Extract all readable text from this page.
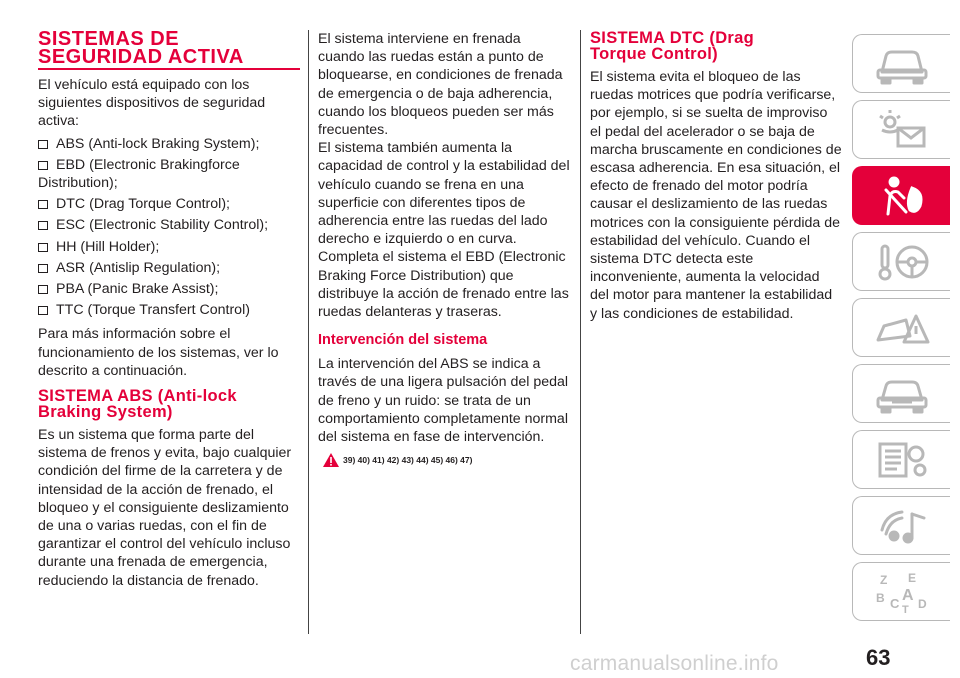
SISTEMAS DE
SEGURIDAD ACTIVA

El vehículo está equipado con los siguientes dispositivos de seguridad activa:

ABS (Anti-lock Braking System);
EBD (Electronic Brakingforce Distribution);
DTC (Drag Torque Control);
ESC (Electronic Stability Control);
HH (Hill Holder);
ASR (Antislip Regulation);
PBA (Panic Brake Assist);
TTC (Torque Transfert Control)

Para más información sobre el funcionamiento de los sistemas, ver lo descrito a continuación.

SISTEMA ABS (Anti-lock
Braking System)

Es un sistema que forma parte del sistema de frenos y evita, bajo cualquier condición del firme de la carretera y de intensidad de la acción de frenado, el bloqueo y el consiguiente deslizamiento de una o varias ruedas, con el fin de garantizar el control del vehículo incluso durante una frenada de emergencia, reduciendo la distancia de frenado.

El sistema interviene en frenada cuando las ruedas están a punto de bloquearse, en condiciones de frenada de emergencia o de baja adherencia, cuando los bloqueos pueden ser más frecuentes.

El sistema también aumenta la capacidad de control y la estabilidad del vehículo cuando se frena en una superficie con diferentes tipos de adherencia entre las ruedas del lado derecho e izquierdo o en curva.

Completa el sistema el EBD (Electronic Braking Force Distribution) que distribuye la acción de frenado entre las ruedas delanteras y traseras.

Intervención del sistema

La intervención del ABS se indica a través de una ligera pulsación del pedal de freno y un ruido: se trata de un comportamiento completamente normal del sistema en fase de intervención.

39) 40) 41) 42) 43) 44) 45) 46) 47)
SISTEMA DTC (Drag
Torque Control)

El sistema evita el bloqueo de las ruedas motrices que podría verificarse, por ejemplo, si se suelta de improviso el pedal del acelerador o se baja de marcha bruscamente en condiciones de escasa adherencia. En esa situación, el efecto de frenado del motor podría causar el deslizamiento de las ruedas motrices con la consiguiente pérdida de estabilidad del vehículo. Cuando el sistema DTC detecta este inconveniente, aumenta la velocidad del motor para mantener la estabilidad y las condiciones de estabilidad.

Z E
B A
C D
T
carmanualsonline.info	63
